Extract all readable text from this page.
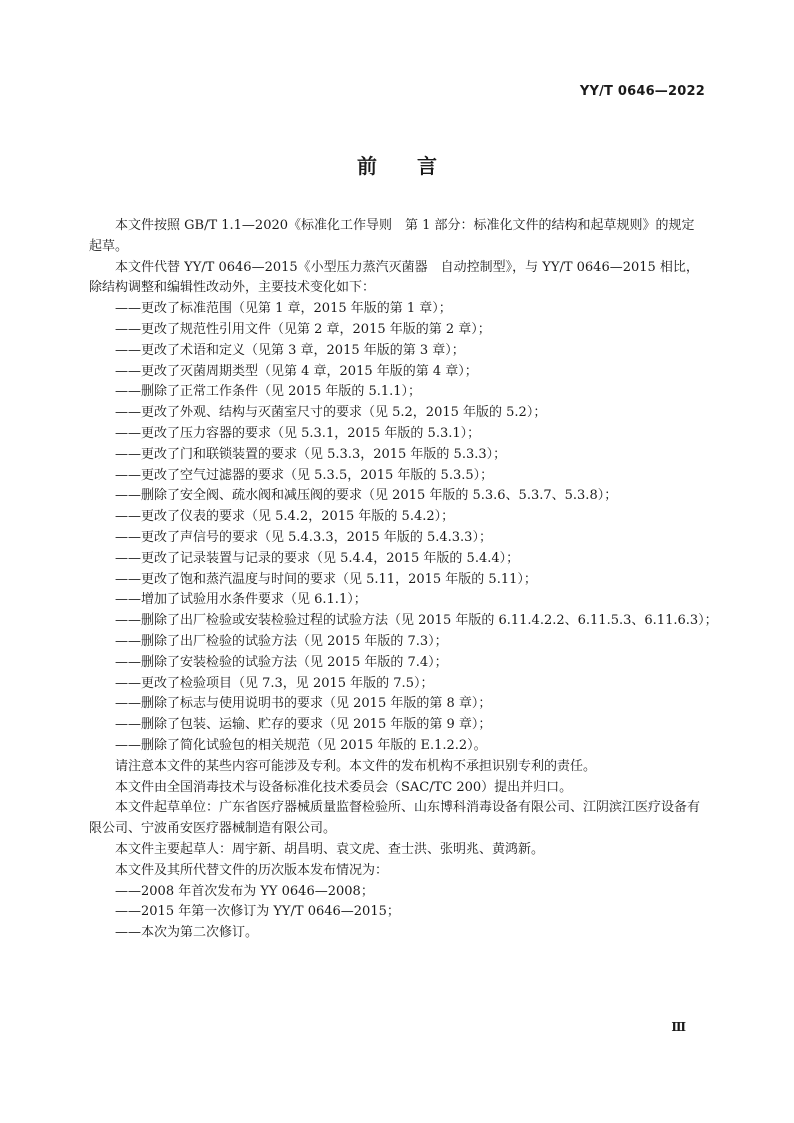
YY/T 0646—2022
前言

本文件按照 GB/T 1.1—2020《标准化工作导则　第 1 部分：标准化文件的结构和起草规则》的规定起草。

本文件代替 YY/T 0646—2015《小型压力蒸汽灭菌器　自动控制型》，与 YY/T 0646—2015 相比，除结构调整和编辑性改动外，主要技术变化如下：

——更改了标准范围（见第 1 章，2015 年版的第 1 章）；
——更改了规范性引用文件（见第 2 章，2015 年版的第 2 章）；
——更改了术语和定义（见第 3 章，2015 年版的第 3 章）；
——更改了灭菌周期类型（见第 4 章，2015 年版的第 4 章）；
——删除了正常工作条件（见 2015 年版的 5.1.1）；
——更改了外观、结构与灭菌室尺寸的要求（见 5.2，2015 年版的 5.2）；
——更改了压力容器的要求（见 5.3.1，2015 年版的 5.3.1）；
——更改了门和联锁装置的要求（见 5.3.3，2015 年版的 5.3.3）；
——更改了空气过滤器的要求（见 5.3.5，2015 年版的 5.3.5）；
——删除了安全阀、疏水阀和减压阀的要求（见 2015 年版的 5.3.6、5.3.7、5.3.8）；
——更改了仪表的要求（见 5.4.2，2015 年版的 5.4.2）；
——更改了声信号的要求（见 5.4.3.3，2015 年版的 5.4.3.3）；
——更改了记录装置与记录的要求（见 5.4.4，2015 年版的 5.4.4）；
——更改了饱和蒸汽温度与时间的要求（见 5.11，2015 年版的 5.11）；
——增加了试验用水条件要求（见 6.1.1）；
——删除了出厂检验或安装检验过程的试验方法（见 2015 年版的 6.11.4.2.2、6.11.5.3、6.11.6.3）；
——删除了出厂检验的试验方法（见 2015 年版的 7.3）；
——删除了安装检验的试验方法（见 2015 年版的 7.4）；
——更改了检验项目（见 7.3，见 2015 年版的 7.5）；
——删除了标志与使用说明书的要求（见 2015 年版的第 8 章）；
——删除了包装、运输、贮存的要求（见 2015 年版的第 9 章）；
——删除了简化试验包的相关规范（见 2015 年版的 E.1.2.2）。

请注意本文件的某些内容可能涉及专利。本文件的发布机构不承担识别专利的责任。

本文件由全国消毒技术与设备标准化技术委员会（SAC/TC 200）提出并归口。

本文件起草单位：广东省医疗器械质量监督检验所、山东博科消毒设备有限公司、江阴滨江医疗设备有限公司、宁波甬安医疗器械制造有限公司。

本文件主要起草人：周宇新、胡昌明、袁文虎、查士洪、张明兆、黄鸿新。

本文件及其所代替文件的历次版本发布情况为：

——2008 年首次发布为 YY 0646—2008；
——2015 年第一次修订为 YY/T 0646—2015；
——本次为第二次修订。
Ⅲ
